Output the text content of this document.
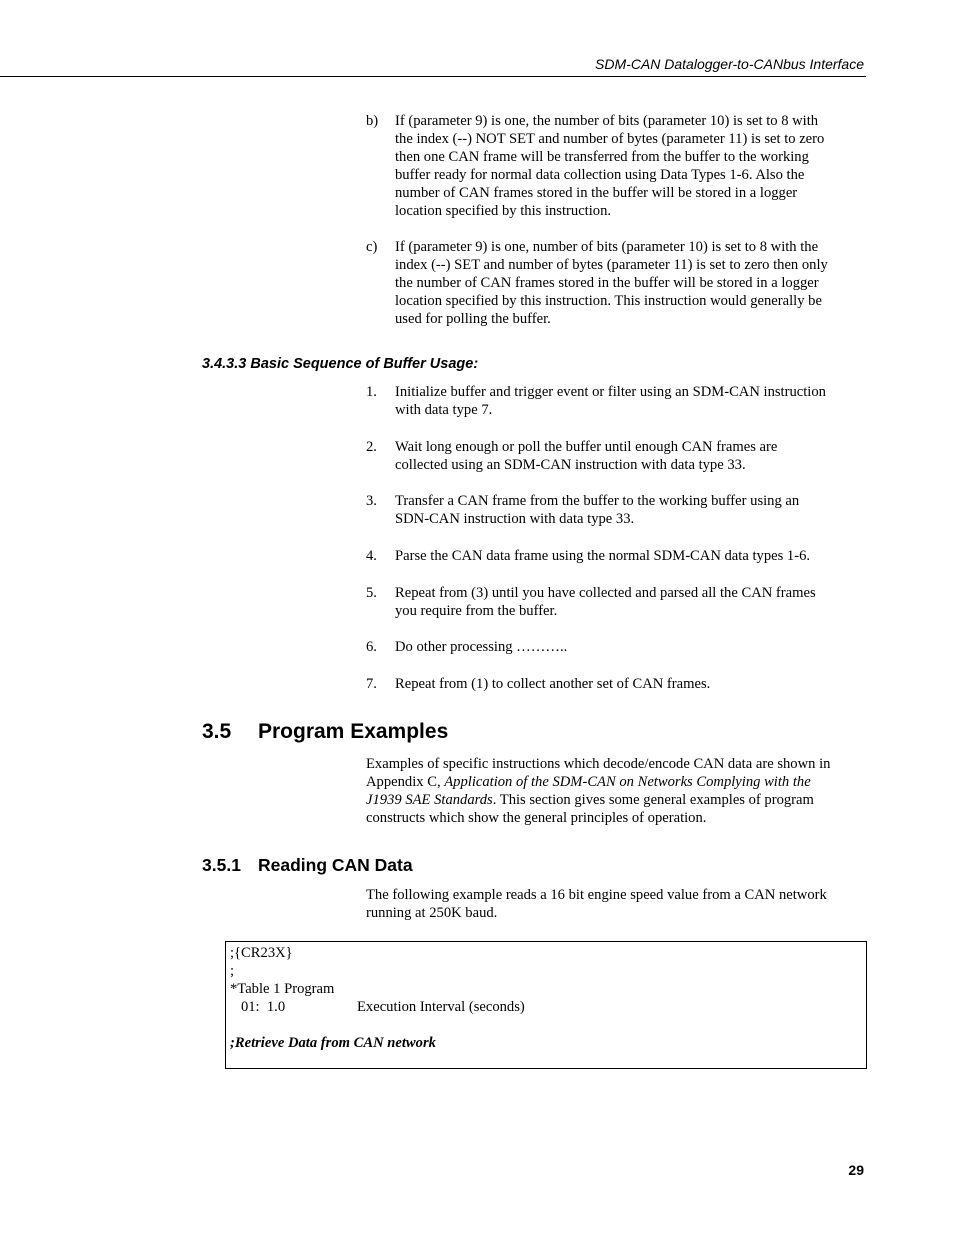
SDM-CAN Datalogger-to-CANbus Interface
b) If (parameter 9) is one, the number of bits (parameter 10) is set to 8 with
the index (--) NOT SET and number of bytes (parameter 11) is set to zero
then one CAN frame will be transferred from the buffer to the working
buffer ready for normal data collection using Data Types 1-6. Also the
number of CAN frames stored in the buffer will be stored in a logger
location specified by this instruction.
c) If (parameter 9) is one, number of bits (parameter 10) is set to 8 with the
index (--) SET and number of bytes (parameter 11) is set to zero then only
the number of CAN frames stored in the buffer will be stored in a logger
location specified by this instruction. This instruction would generally be
used for polling the buffer.
3.4.3.3 Basic Sequence of Buffer Usage:
1. Initialize buffer and trigger event or filter using an SDM-CAN instruction
with data type 7.
2. Wait long enough or poll the buffer until enough CAN frames are
collected using an SDM-CAN instruction with data type 33.
3. Transfer a CAN frame from the buffer to the working buffer using an
SDN-CAN instruction with data type 33.
4. Parse the CAN data frame using the normal SDM-CAN data types 1-6.
5. Repeat from (3) until you have collected and parsed all the CAN frames
you require from the buffer.
6. Do other processing ………..
7. Repeat from (1) to collect another set of CAN frames.
3.5 Program Examples
Examples of specific instructions which decode/encode CAN data are shown in
Appendix C, Application of the SDM-CAN on Networks Complying with the
J1939 SAE Standards. This section gives some general examples of program
constructs which show the general principles of operation.
3.5.1 Reading CAN Data
The following example reads a 16 bit engine speed value from a CAN network
running at 250K baud.
;{CR23X}
;
*Table 1 Program
01:  1.0	Execution Interval (seconds)
;Retrieve Data from CAN network
29
